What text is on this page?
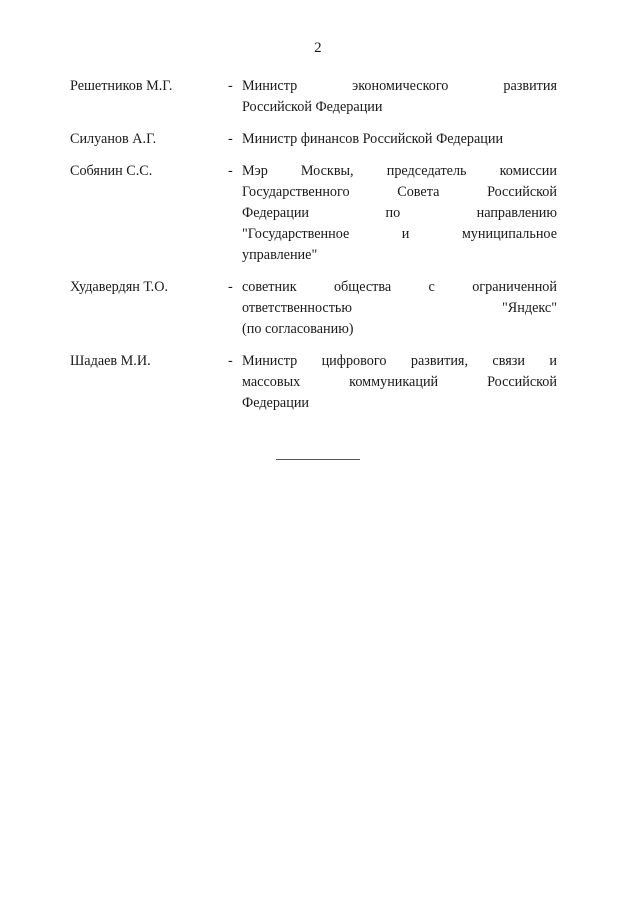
2
Решетников М.Г.	- Министр экономического развития
Российской Федерации
Силуанов А.Г.	- Министр финансов Российской Федерации
Собянин С.С.	- Мэр Москвы, председатель комиссии
Государственного Совета Российской
Федерации по направлению
"Государственное и муниципальное
управление"
Худавердян Т.О.	- советник общества с ограниченной
ответственностью "Яндекс"
(по согласованию)
Шадаев М.И.	- Министр цифрового развития, связи и
массовых коммуникаций Российской
Федерации
